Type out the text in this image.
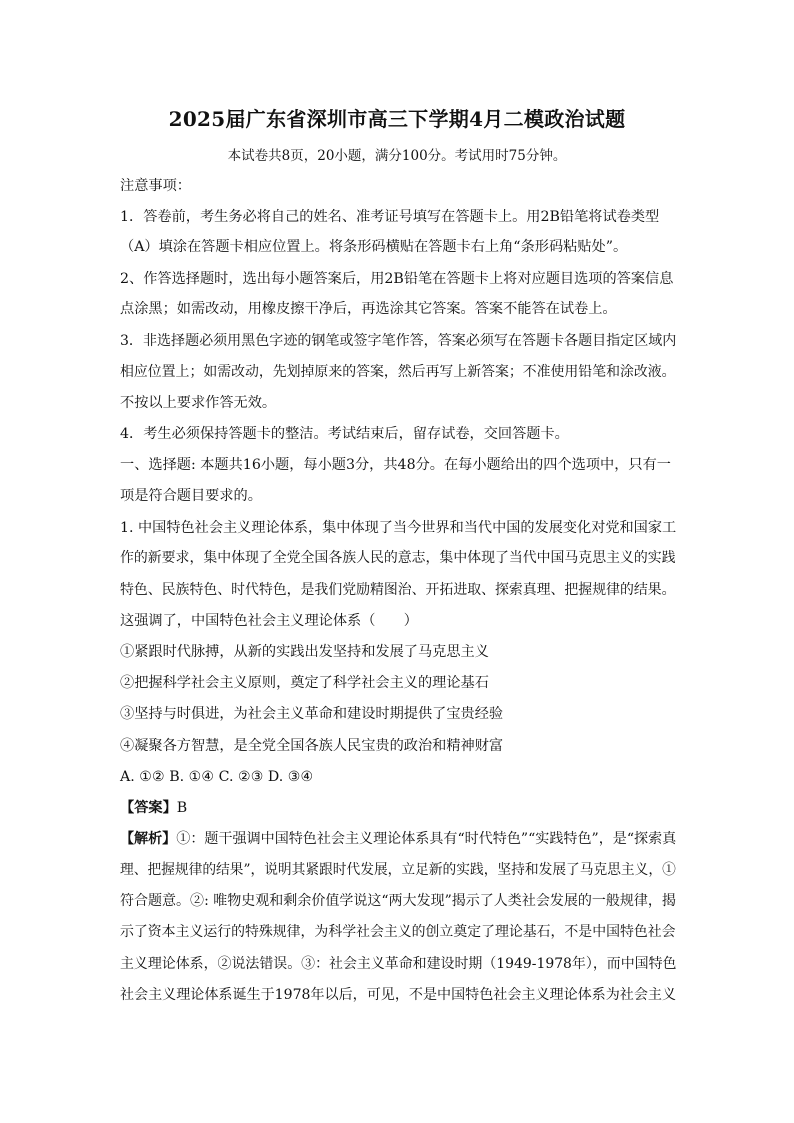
2025届广东省深圳市高三下学期4月二模政治试题
本试卷共8页，20小题，满分100分。考试用时75分钟。
注意事项：
1．答卷前，考生务必将自己的姓名、准考证号填写在答题卡上。用2B铅笔将试卷类型
（A）填涂在答题卡相应位置上。将条形码横贴在答题卡右上角“条形码粘贴处”。
2、作答选择题时，选出每小题答案后，用2B铅笔在答题卡上将对应题目选项的答案信息
点涂黑；如需改动，用橡皮擦干净后，再选涂其它答案。答案不能答在试卷上。
3．非选择题必须用黑色字迹的钢笔或签字笔作答，答案必须写在答题卡各题目指定区域内
相应位置上；如需改动，先划掉原来的答案，然后再写上新答案；不准使用铅笔和涂改液。
不按以上要求作答无效。
4．考生必须保持答题卡的整洁。考试结束后，留存试卷，交回答题卡。
一、选择题: 本题共16小题，每小题3分，共48分。在每小题给出的四个选项中，只有一
项是符合题目要求的。
1. 中国特色社会主义理论体系，集中体现了当今世界和当代中国的发展变化对党和国家工
作的新要求，集中体现了全党全国各族人民的意志，集中体现了当代中国马克思主义的实践
特色、民族特色、时代特色，是我们党励精图治、开拓进取、探索真理、把握规律的结果。
这强调了，中国特色社会主义理论体系（　　）
①紧跟时代脉搏，从新的实践出发坚持和发展了马克思主义
②把握科学社会主义原则，奠定了科学社会主义的理论基石
③坚持与时俱进，为社会主义革命和建设时期提供了宝贵经验
④凝聚各方智慧，是全党全国各族人民宝贵的政治和精神财富
A. ①② B. ①④ C. ②③ D. ③④
【答案】B
【解析】①：题干强调中国特色社会主义理论体系具有“时代特色”“实践特色”，是“探索真
理、把握规律的结果”，说明其紧跟时代发展，立足新的实践，坚持和发展了马克思主义，①
符合题意。②: 唯物史观和剩余价值学说这“两大发现”揭示了人类社会发展的一般规律，揭
示了资本主义运行的特殊规律，为科学社会主义的创立奠定了理论基石，不是中国特色社会
主义理论体系，②说法错误。③：社会主义革命和建设时期（1949-1978年），而中国特色
社会主义理论体系诞生于1978年以后，可见，不是中国特色社会主义理论体系为社会主义
